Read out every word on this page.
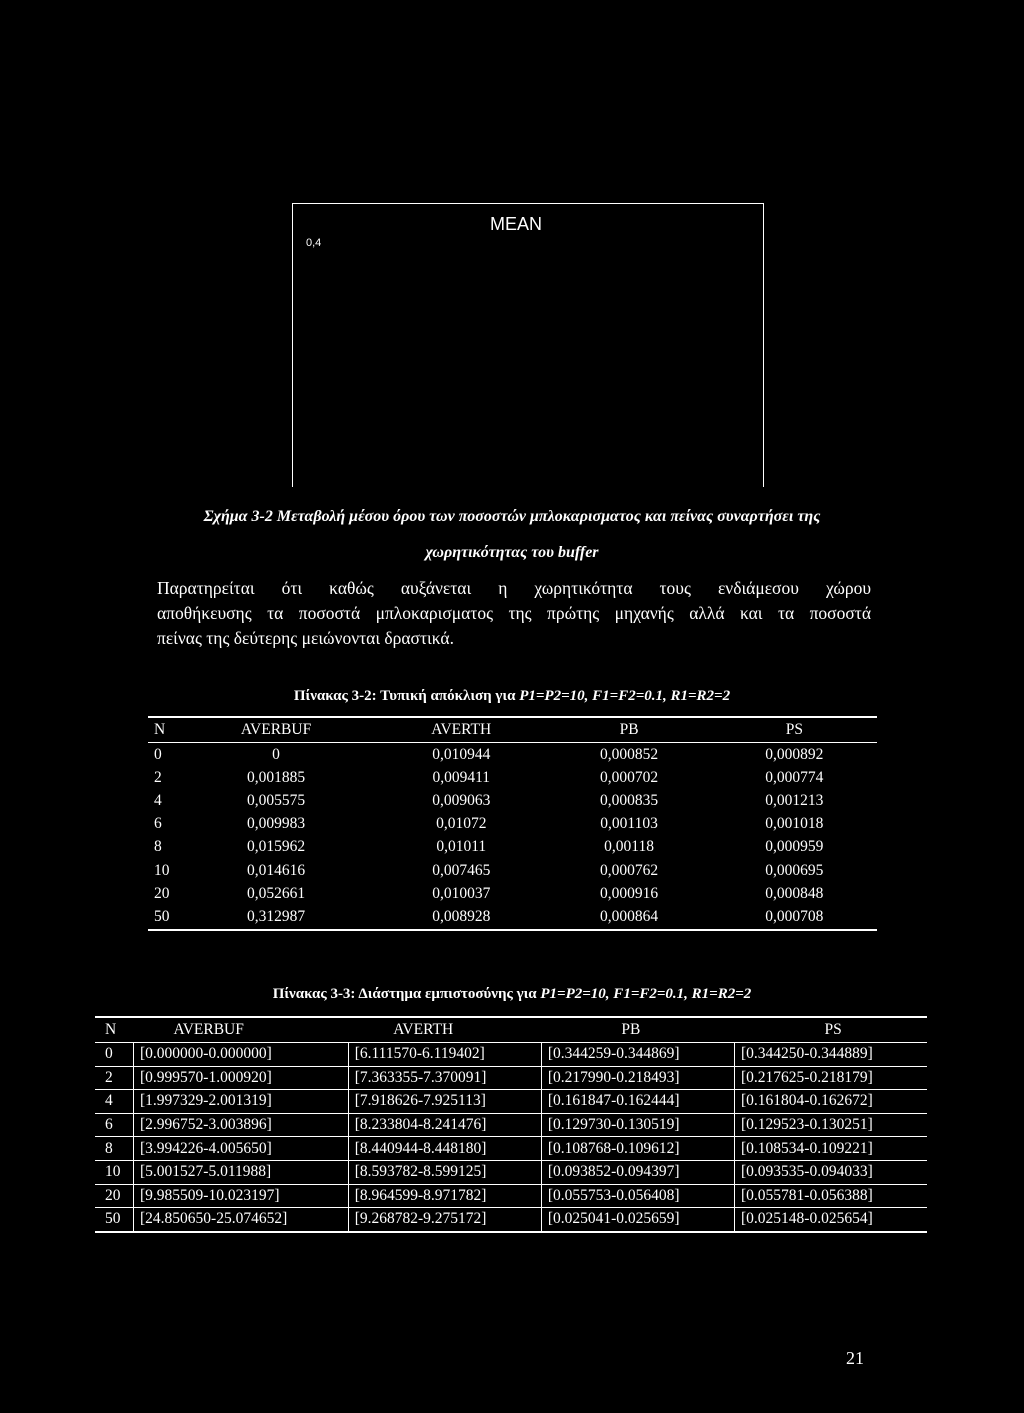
MEAN
0,4
Σχήμα 3-2 Μεταβολή μέσου όρου των ποσοστών μπλοκαρισματος και πείνας συναρτήσει της
χωρητικότητας του buffer
Παρατηρείται ότι καθώς αυξάνεται η χωρητικότητα τους ενδιάμεσου χώρου
αποθήκευσης τα ποσοστά μπλοκαρισματος της πρώτης μηχανής αλλά και τα ποσοστά
πείνας της δεύτερης μειώνονται δραστικά.
Πίνακας 3-2: Τυπική απόκλιση για P1=P2=10, F1=F2=0.1, R1=R2=2
N	AVERBUF	AVERTH	PB	PS
0	0	0,010944	0,000852	0,000892
2	0,001885	0,009411	0,000702	0,000774
4	0,005575	0,009063	0,000835	0,001213
6	0,009983	0,01072	0,001103	0,001018
8	0,015962	0,01011	0,00118	0,000959
10	0,014616	0,007465	0,000762	0,000695
20	0,052661	0,010037	0,000916	0,000848
50	0,312987	0,008928	0,000864	0,000708
Πίνακας 3-3: Διάστημα εμπιστοσύνης για P1=P2=10, F1=F2=0.1, R1=R2=2
N	AVERBUF	AVERTH	PB	PS
0	[0.000000-0.000000]	[6.111570-6.119402]	[0.344259-0.344869]	[0.344250-0.344889]
2	[0.999570-1.000920]	[7.363355-7.370091]	[0.217990-0.218493]	[0.217625-0.218179]
4	[1.997329-2.001319]	[7.918626-7.925113]	[0.161847-0.162444]	[0.161804-0.162672]
6	[2.996752-3.003896]	[8.233804-8.241476]	[0.129730-0.130519]	[0.129523-0.130251]
8	[3.994226-4.005650]	[8.440944-8.448180]	[0.108768-0.109612]	[0.108534-0.109221]
10	[5.001527-5.011988]	[8.593782-8.599125]	[0.093852-0.094397]	[0.093535-0.094033]
20	[9.985509-10.023197]	[8.964599-8.971782]	[0.055753-0.056408]	[0.055781-0.056388]
50	[24.850650-25.074652]	[9.268782-9.275172]	[0.025041-0.025659]	[0.025148-0.025654]
21
